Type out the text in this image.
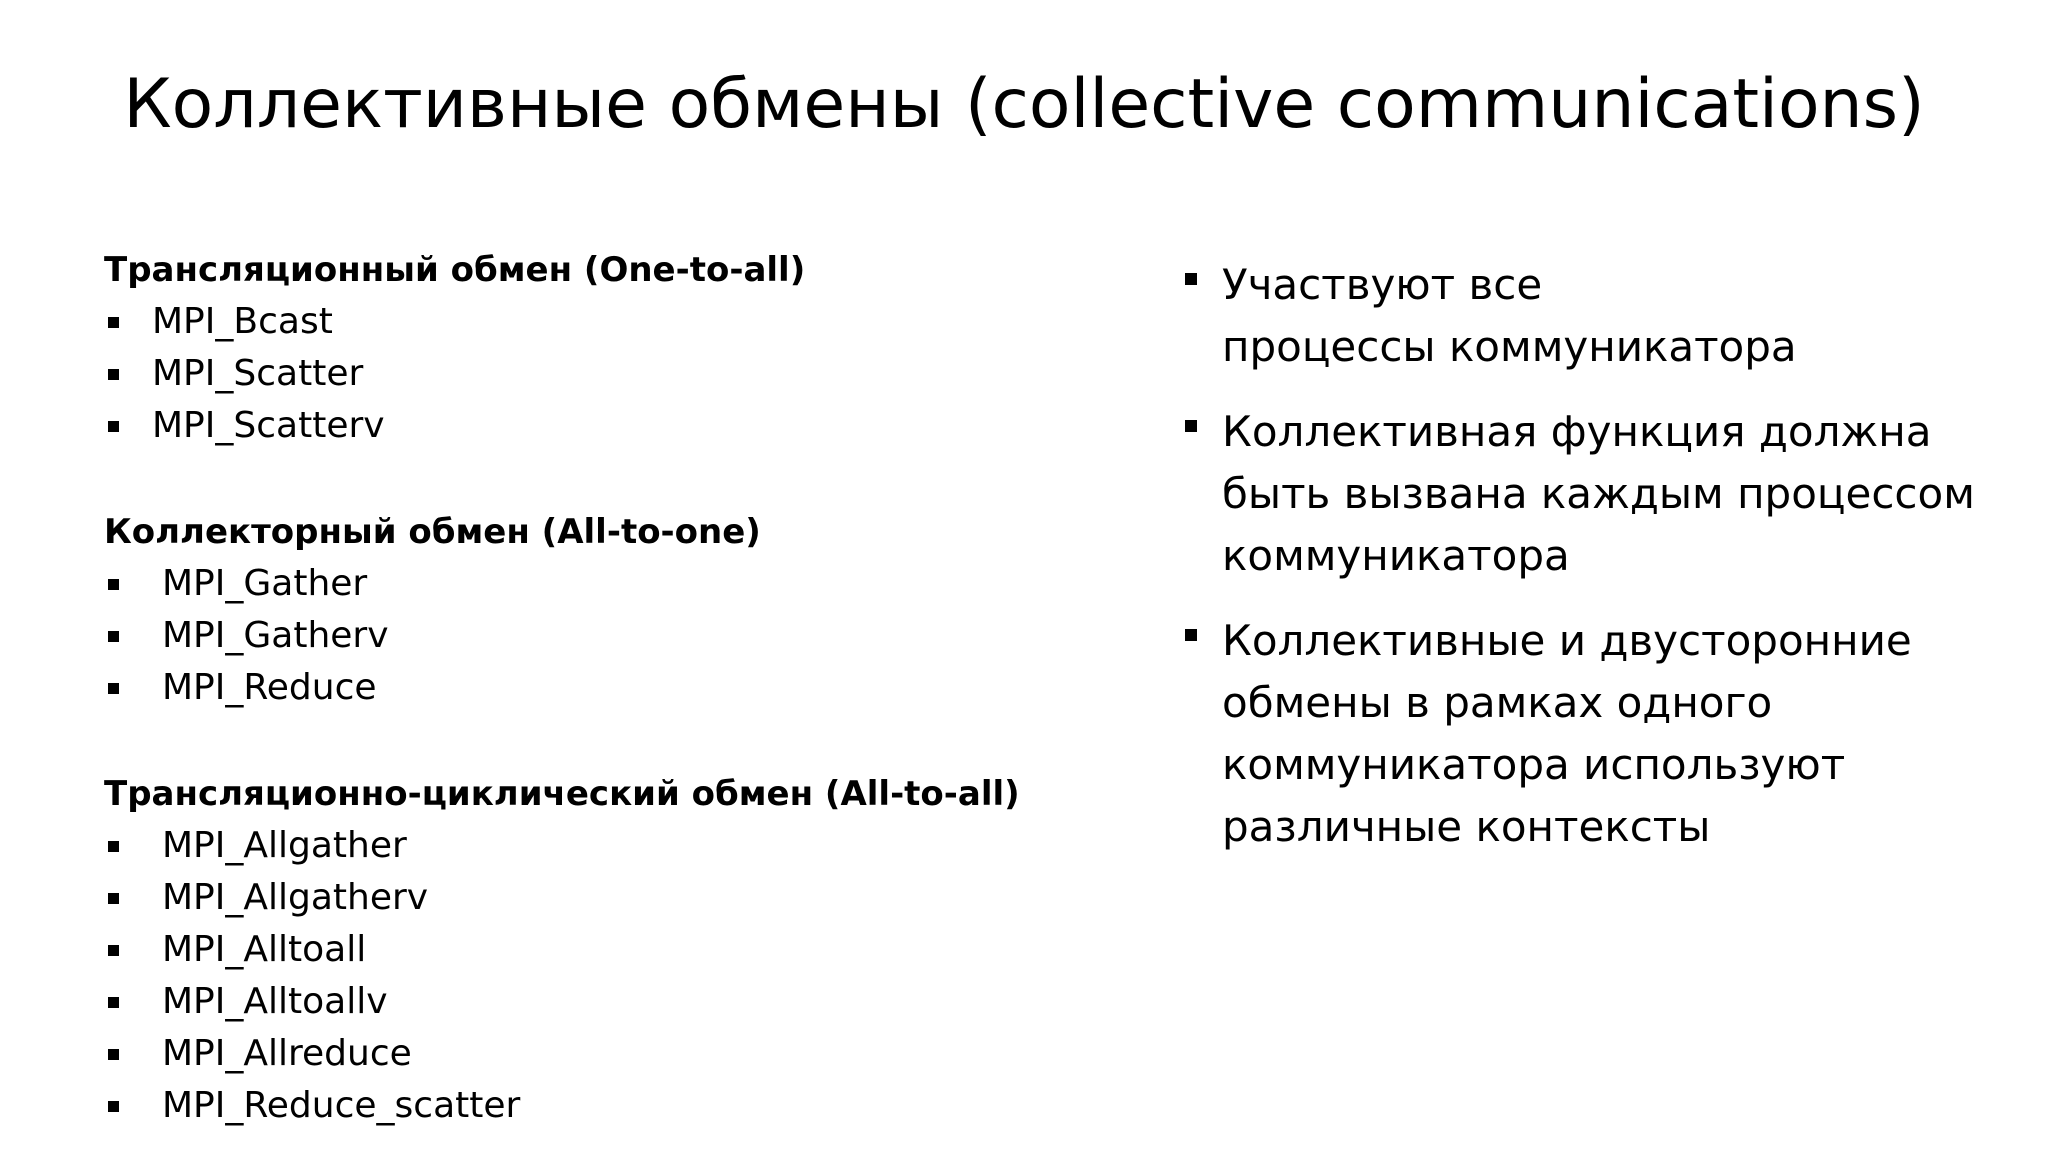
Коллективные обмены (collective communications)
Трансляционный обмен (One-to-all)
MPI_Bcast
MPI_Scatter
MPI_Scatterv
Коллекторный обмен (All-to-one)
MPI_Gather
MPI_Gatherv
MPI_Reduce
Трансляционно-циклический обмен (All-to-all)
MPI_Allgather
MPI_Allgatherv
MPI_Alltoall
MPI_Alltoallv
MPI_Allreduce
MPI_Reduce_scatter
Участвуют все
процессы коммуникатора
Коллективная функция должна
быть вызвана каждым процессом
коммуникатора
Коллективные и двусторонние
обмены в рамках одного
коммуникатора используют
различные контексты
